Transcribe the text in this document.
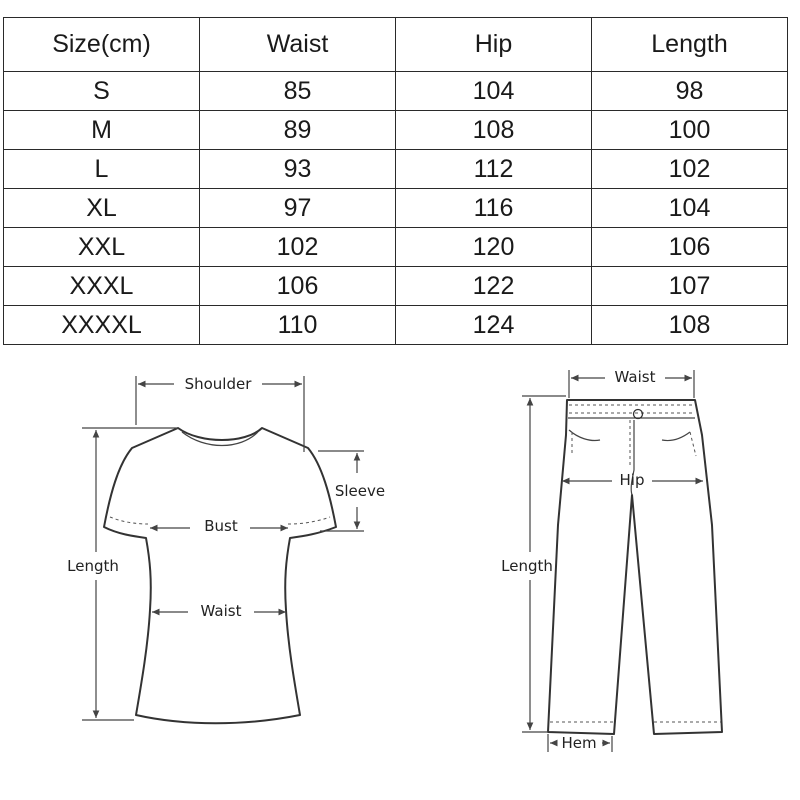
Size(cm)	Waist	Hip	Length
S	85	104	98
M	89	108	100
L	93	112	102
XL	97	116	104
XXL	102	120	106
XXXL	106	122	107
XXXXL	110	124	108
Shoulder
Sleeve
Bust
Waist
Length
Waist
Hip
Length
Hem
